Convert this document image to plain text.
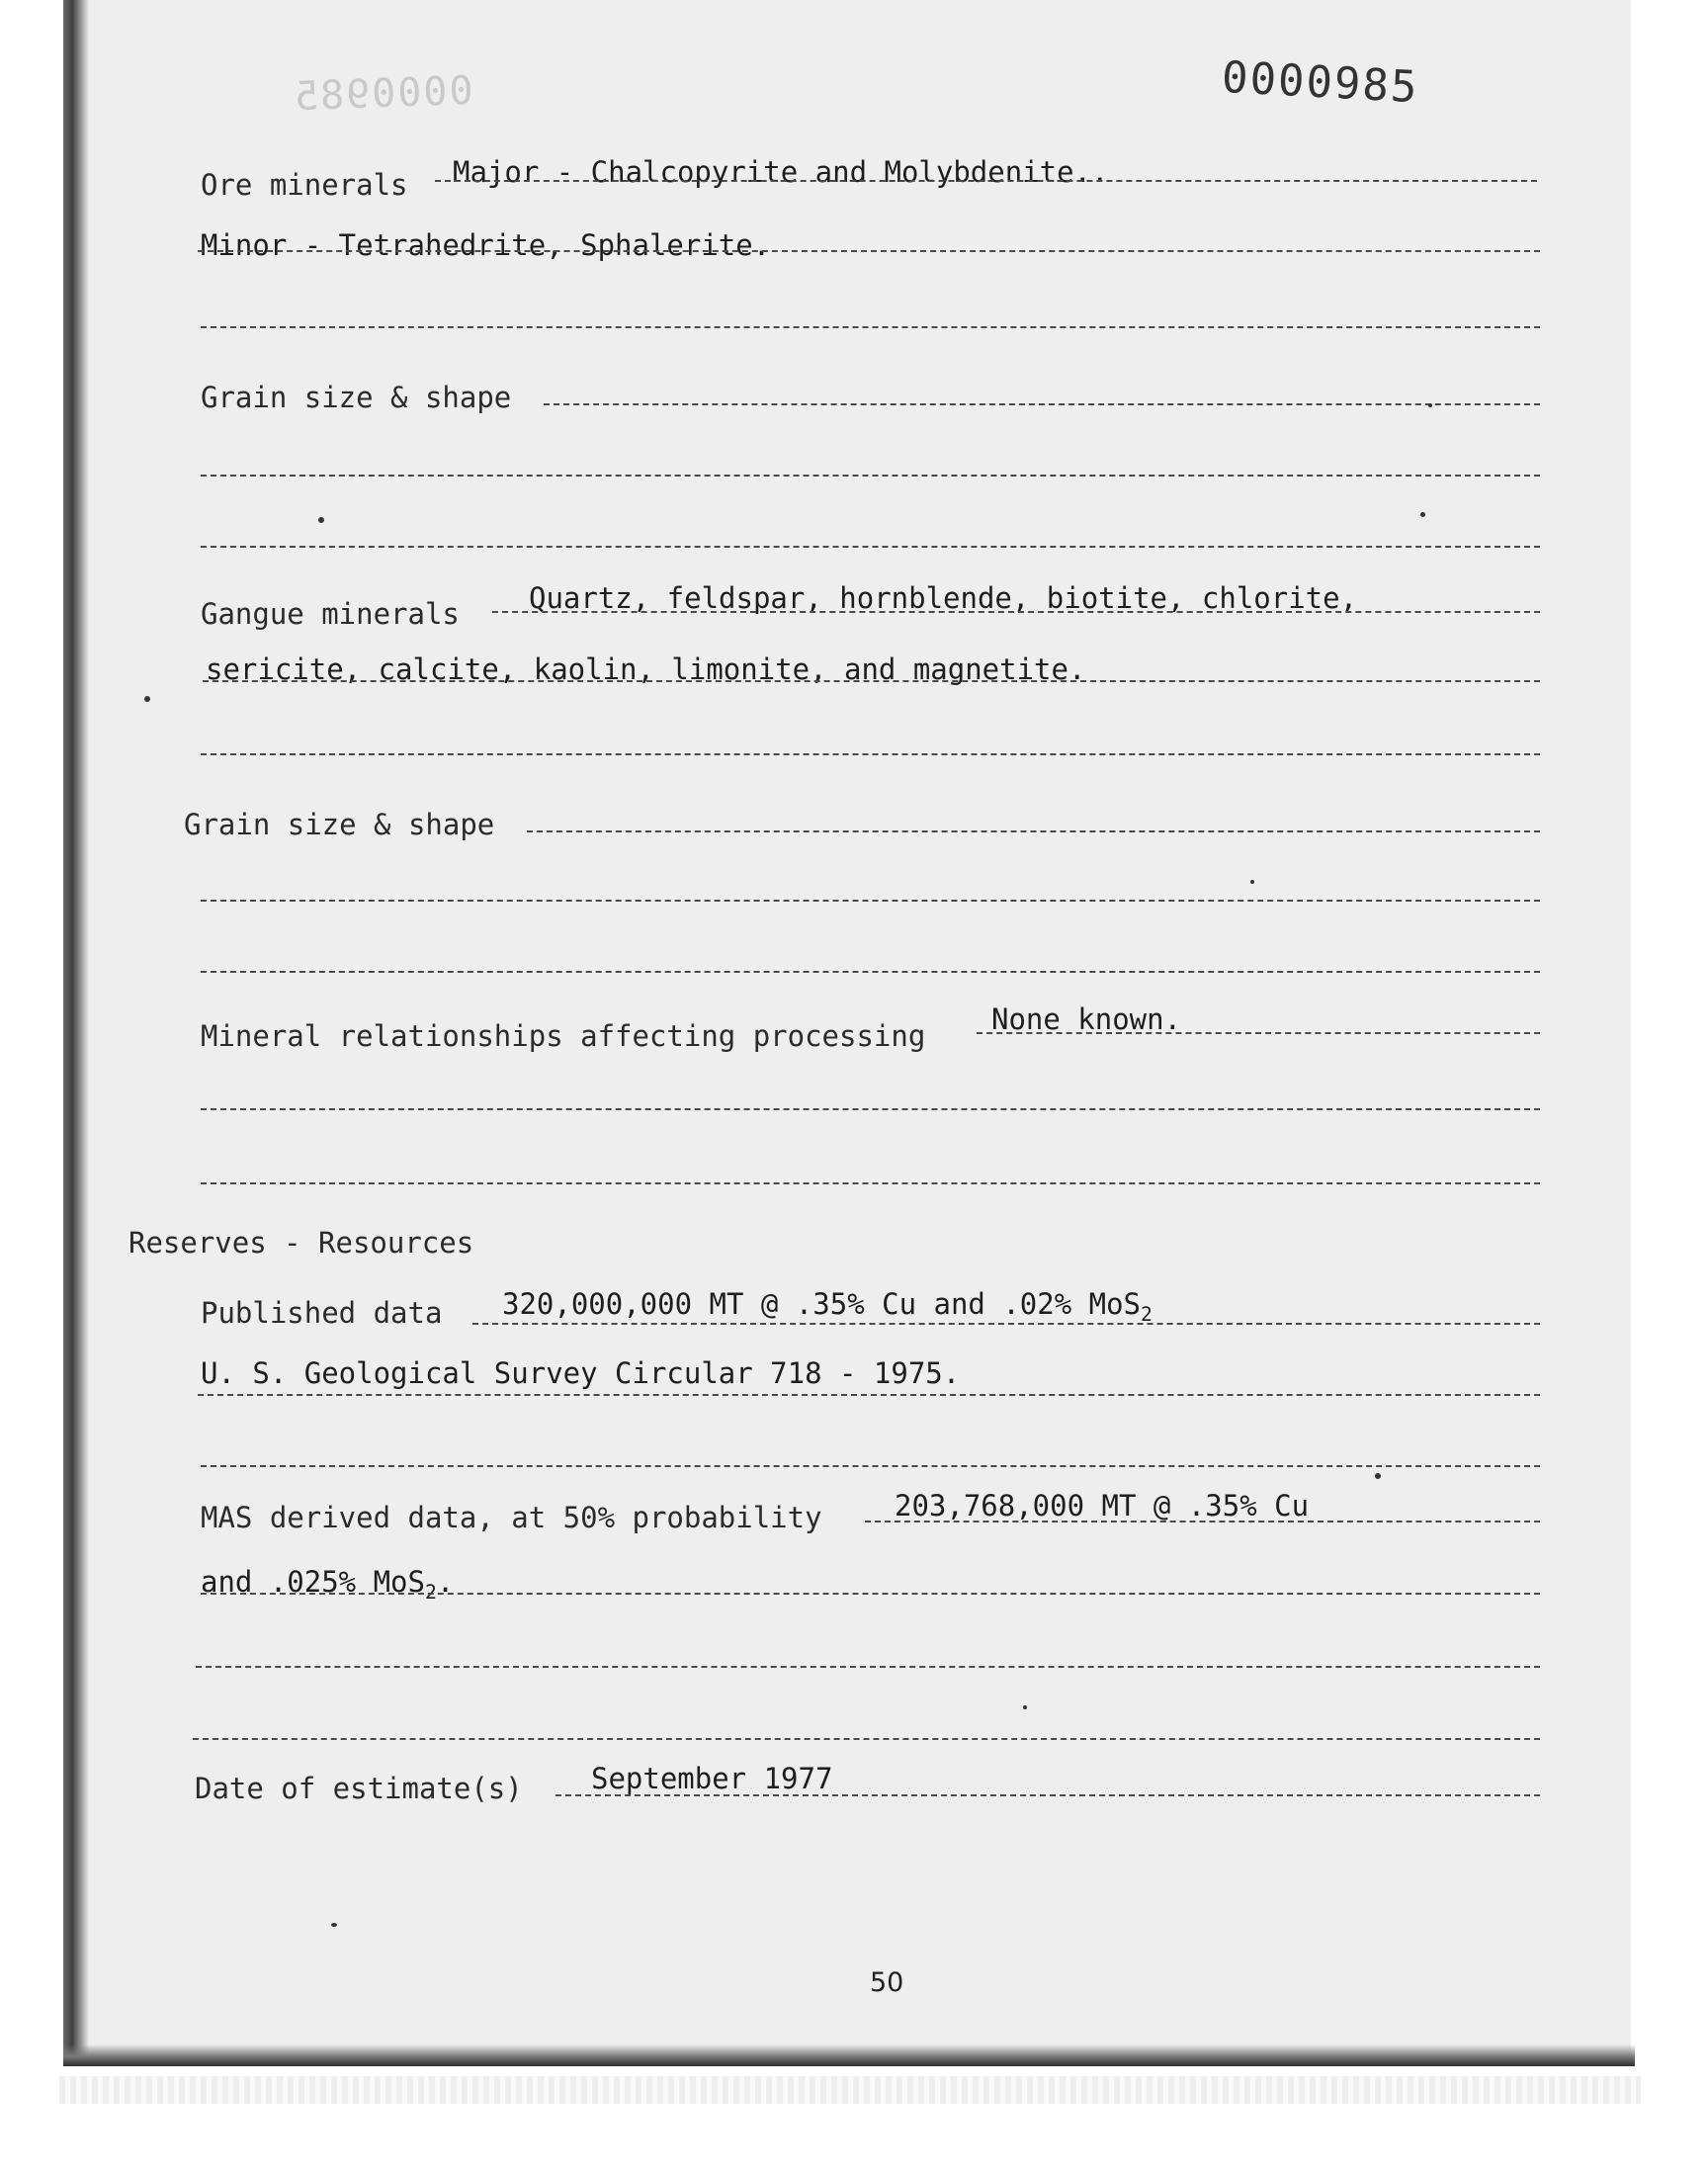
0000985	0000985
Ore minerals Major - Chalcopyrite and Molybdenite..
Minor - Tetrahedrite, Sphalerite.
Grain size & shape
Gangue minerals Quartz, feldspar, hornblende, biotite, chlorite,
sericite, calcite, kaolin, limonite, and magnetite.
Grain size & shape
Mineral relationships affecting processing None known.
Reserves - Resources
Published data 320,000,000 MT @ .35% Cu and .02% MoS$_2$
U. S. Geological Survey Circular 718 - 1975.
MAS derived data, at 50% probability	203,768,000 MT @ .35% Cu
and .025% MoS$_2$.
Date of estimate(s) September 1977
50
